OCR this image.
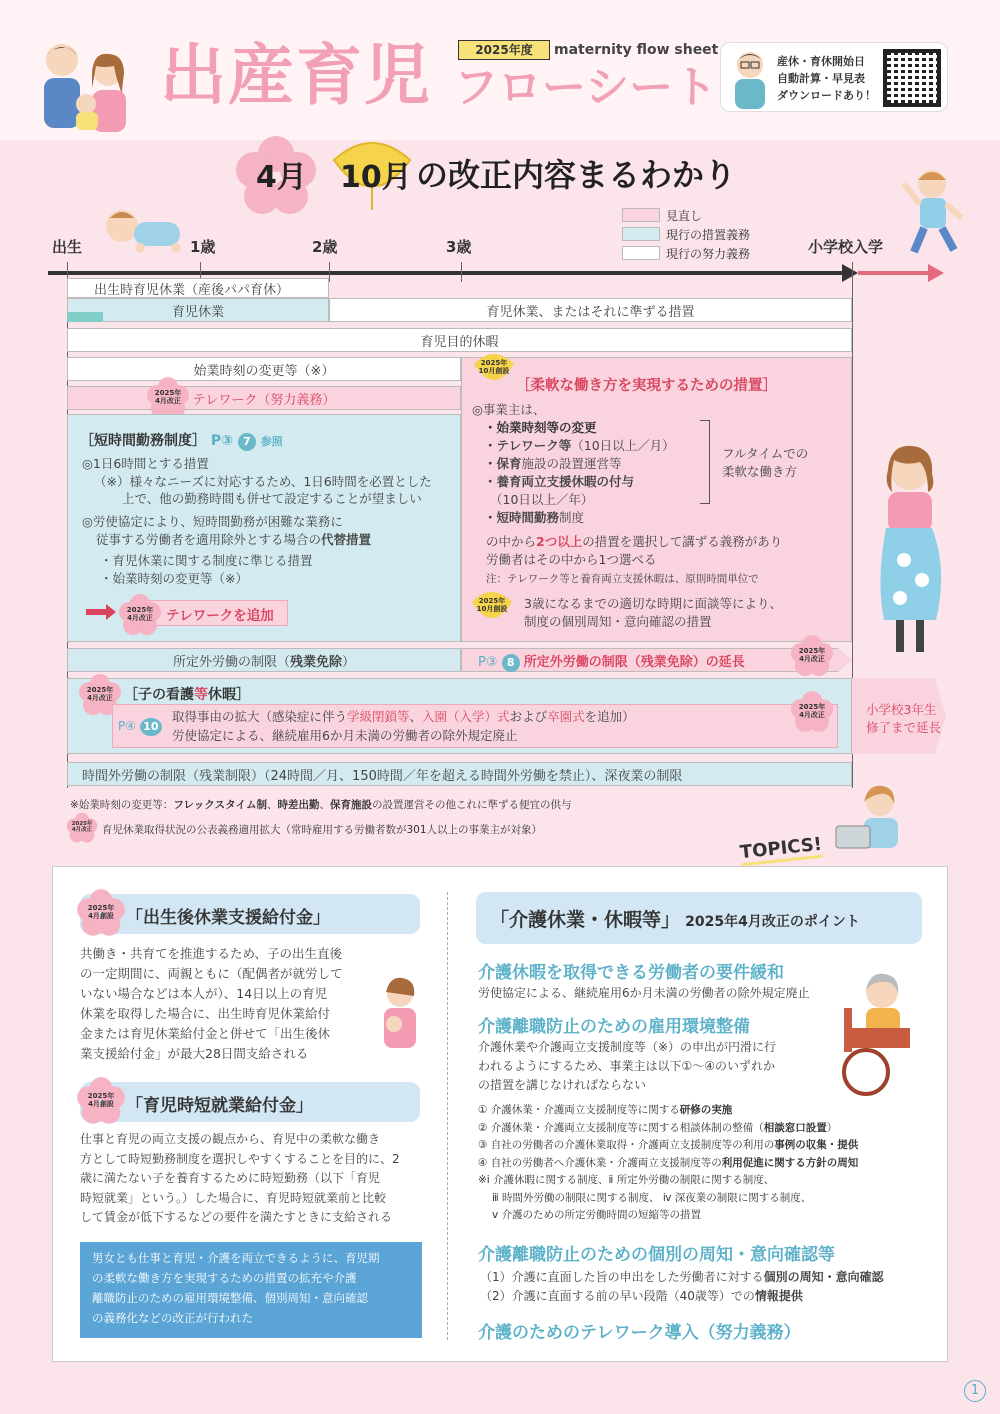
2025年度	maternity flow sheet
出産育児 フローシート
産休・育休開始日
自動計算・早見表
ダウンロードあり！
4月 10月 の改正内容まるわかり
見直し
現行の措置義務
現行の努力義務
出生	1歳	2歳	3歳	小学校入学
出生時育児休業（産後パパ育休）
育児休業	育児休業、またはそれに準ずる措置
育児目的休暇
始業時刻の変更等（※）
テレワーク（努力義務）
2025年
4月改正
［短時間勤務制度］ P③ 7 参照
◎1日6時間とする措置
（※）様々なニーズに対応するため、1日6時間を必置とした
上で、他の勤務時間も併せて設定することが望ましい
◎労使協定により、短時間勤務が困難な業務に
従事する労働者を適用除外とする場合の代替措置
・育児休業に関する制度に準じる措置
・始業時刻の変更等（※）
2025年
4月改正 テレワークを追加
2025年
10月創設
［柔軟な働き方を実現するための措置］
◎事業主は、
・始業時刻等の変更
・テレワーク等（10日以上／月）
・保育施設の設置運営等
・養育両立支援休暇の付与
（10日以上／年）
・短時間勤務制度
フルタイムでの
柔軟な働き方
の中から2つ以上の措置を選択して講ずる義務があり
労働者はその中から1つ選べる
注：テレワーク等と養育両立支援休暇は、原則時間単位で
2025年
10月創設	3歳になるまでの適切な時期に面談等により、
制度の個別周知・意向確認の措置
所定外労働の制限（ 残業免除 ）	P③ 8 所定外労働の制限（残業免除）の延長
2025年
4月改正
小学校3年生
修了まで延長
2025年
4月改正 ［子の看護等休暇］
P④ 10
取得事由の拡大（感染症に伴う学級閉鎖等、入園（入学）式および卒園式を追加）
労使協定による、継続雇用6か月未満の労働者の除外規定廃止
2025年
4月改正
時間外労働の制限（残業制限）（24時間／月、150時間／年を超える時間外労働を禁止）、深夜業の制限
※始業時刻の変更等：フレックスタイム制、時差出勤、保育施設の設置運営その他これに準ずる便宜の供与
2025年
4月改正 育児休業取得状況の公表義務適用拡大（常時雇用する労働者数が301人以上の事業主が対象）
TOPICS!
2025年
4月創設 「出生後休業支援給付金」
共働き・共育てを推進するため、子の出生直後
の一定期間に、両親ともに（配偶者が就労して
いない場合などは本人が）、14日以上の育児
休業を取得した場合に、出生時育児休業給付
金または育児休業給付金と併せて「出生後休
業支援給付金」が最大28日間支給される
2025年
4月創設 「育児時短就業給付金」
仕事と育児の両立支援の観点から、育児中の柔軟な働き
方として時短勤務制度を選択しやすくすることを目的に、2
歳に満たない子を養育するために時短勤務（以下「育児
時短就業」という。）した場合に、育児時短就業前と比較
して賃金が低下するなどの要件を満たすときに支給される
男女とも仕事と育児・介護を両立できるように、育児期
の柔軟な働き方を実現するための措置の拡充や介護
離職防止のための雇用環境整備、個別周知・意向確認
の義務化などの改正が行われた
「介護休業・休暇等」 2025年4月改正のポイント
介護休暇を取得できる労働者の要件緩和
労使協定による、継続雇用6か月未満の労働者の除外規定廃止
介護離職防止のための雇用環境整備
介護休業や介護両立支援制度等（※）の申出が円滑に行
われるようにするため、事業主は以下①～④のいずれか
の措置を講じなければならない
① 介護休業・介護両立支援制度等に関する研修の実施
② 介護休業・介護両立支援制度等に関する相談体制の整備（相談窓口設置）
③ 自社の労働者の介護休業取得・介護両立支援制度等の利用の事例の収集・提供
④ 自社の労働者へ介護休業・介護両立支援制度等の利用促進に関する方針の周知
※ⅰ 介護休暇に関する制度、ⅱ 所定外労働の制限に関する制度、
ⅲ 時間外労働の制限に関する制度、 ⅳ 深夜業の制限に関する制度、
ⅴ 介護のための所定労働時間の短縮等の措置
介護離職防止のための個別の周知・意向確認等
（1）介護に直面した旨の申出をした労働者に対する個別の周知・意向確認
（2）介護に直面する前の早い段階（40歳等）での情報提供
介護のためのテレワーク導入（努力義務）
1
